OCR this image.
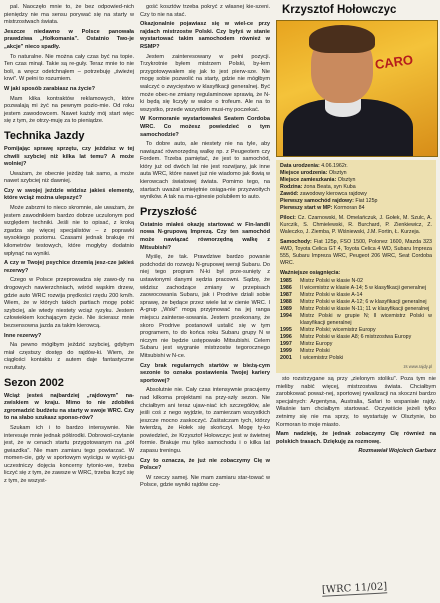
pal. Naoczęło mnie to, że bez odpowied-nich pieniędzy nie ma sensu porywać się na starty w mistrzostwach świata.

Jeszcze niedawno w Polsce panowała prawdziwa „Hołkomania". Ostatnio Two-je „akcje" nieco spadły.

To naturalne. Nie można cały czas być na topie. Ten czas minął. Takie są re-guły. Teraz mnie to nie boli, a wręcz odetchnąłem – potrzebuję „świeżej krwi". W pełni to rozumiem.

W jaki sposób zarabiasz na życie?

Mam klika kontraktów reklamowych, które pozwalają mi żyć na pewnym pozio-mie. Od roku jestem zawodowcem. Nawet każdy mój start więc się z tym, że otrzy-muję za to pieniądze.

Technika Jazdy

Pomijając sprawę sprzętu, czy jeździsz w tej chwili szybciej niż kilka lat temu? A może wolniej?

Uważam, że obecnie jeżdżę tak samo, a może nawet szybciej niż dawniej.

Czy w swojej jeździe widzisz jakieś elementy, które wciąż można ulepszyć?

Może zabrzmi to nieco skromnie, ale uważam, że jestem zawodnikiem bardzo dobrze uczulonym pod względem techniki. Jeśli nie to opisać, z kroką zgadza się więcej specjalistów – z poprawki wysokiego poziomu. Czasami jednak brakuje mi kilometrów testowych, które mogłyby dodatnio wpłynąć na wyniki.

A czy w Twojej psychice drzemią jesz-cze jakieś rezerwy?

Czego w Polsce przeprowadza się zawo-dy na drogowych nawierzchniach, wśród wąskim drzew, gdzie auto WRC rozwija prędkości rzędu 200 km/h. Wiem, że w których takich partiach mogę pobić szybciej, ale wtedy niestety wciąż ryzyku. Jestem człowiekiem kochającym życie. Nie ścierasz mnie bezsensowna jazda za takim kierowcą.

Inne rezerwy?

Na pewno mógłbym jeździć szybciej, gdybym miał częstszy dostęp do rajdów-ki. Wiem, że ciągłości kontaktu z autem daje fantastyczne rezultaty.

Sezon 2002

Wciąż jesteś najbardziej „rajdowym" na-zwiskiem w kraju. Mimo to nie zdobiłeś zgromadzić budżetu na starty w swoje WRC. Czy to na słabo szukasz sponso-rów?

Szukam ich i to bardzo intensywnie. Nie interesuje mnie jednak półśrodki. Dobrowol-czytanie jest, że w cenach startu przygotowanym na „pół gwiazdka". Nie mam zamiaru tego powtarzać. W momen-cie, gdy w sportowym wyścigu w wyści-gu uczestniczy dojęcia koncerny tytonio-we, trzeba liczyć się z tym, że zawsze w WRC, trzeba liczyć się z tym, że wszyst-

gość kosztów trzeba pokryć z własnej kie-szeni. Czy to nie na stać.

Okazjonalnie pojawiasz się w wiel-ce przy rajdach mistrzostw Polski. Czy byłyś w stanie wystartować takim samochodem również w RSMP?

Jestem zainteresowany w pełni pozycji. Trzykrotnie byłem mistrzem Polski, by-łem przygotowywałem się jak to jest pierw-sze. Nie mogę sobie pozwolić na starty, gdzie nie mógłbym walczyć o zwycięstwo w klasyfikacji generalnej. Być może obec-ne zmiany regulaminowe sprawią, że N-ki będą się liczyły w walce o trofeum. Ale na to wszystko, przede wszystkim musi-my poczekać.

W Kormoranie wystartowałeś Seatem Cordoba WRC. Co możesz powiedzieć o tym samochodzie?

To dobre auto, ale niestety nie na tyle, aby nawiązać równorzędną walkę np. z Peugeotem czy Fordem. Trzeba pamiętać, że jest to samochód, który już od dwóch lat nie jest rozwijany, jak inne auta WRC, które nawet już nie wiadomo jak tkwią w kierowcach światowej świata. Pomimo tego, na startach uważał umiejętnie osiąga-nie przyzwoitych wyników. A tak na ma-rginesie polubiłem to auto.

Przyszłość

Ostatnio miałeś okazję startować w Fin-landii nowa N-grupową Imprezą. Czy ten samochód może nawiązać równorzędną walkę z Mitsubishi?

Myślę, że tak. Prawdziwe bardzo powanie podchodzi do rozwoju N-grupowej wersji Subaru. Do niej tego program N-ki był prze-sunięty z ustawionymi danymi sędzia pracowni. Sądzę, że widzisz zachodzące zmiany w przepisach zaowocowania Subaru, jak i Prodrive dziali sobie sprawę, że będące przez wiele lat w cienie WRC. I A-grup „Wski" mogą przyjmować na jej ranga miejscu zainterse-sowania. Jestem przekonany, że skoro Prodrive postanowił ustalić się w tym programem, to do końca roku Subaru grupy N w niczym nie będzie ustępowało Mitsubishi. Celem Subaru jest wygranie mistrzostw tegorocznego Mitsubishi w N-ce.

Czy brak regularnych startów w bieżą-cym sezonie to oznaka postawienia Twojej kariery sportowej?

Absolutnie nie. Cały czas intensywnie pracujemy nad kilkoma projektami na przy-szły sezon. Nie chciałbym ani teraz ujaw-niać ich szczegółów, ale jeśli coś z nego wyjdzie, to zamierzam wszystkich jeszcze mocno zaskoczyć. Zaśtatczam tych, którzy twierdzą, że Hołek się skończył. Mogę ty-ko powiedzieć, że Krzysztof Hołowczyc jest w świetnej formie. Brakuje mu tylko samochodu i o kilka lat zapasu treningu.

Czy to oznacza, że już nie zobaczymy Cię w Polsce?

W rzeczy samej. Nie mam zamiaru star-tować w Polsce, gdzie wyniki rajdów czę-

Krzysztof Hołowczyc
CARO
Data urodzenia: 4.06.1962r.
Miejsce urodzenia: Olsztyn
Miejsce zamieszkania: Olsztyn
Rodzina: żona Beata, syn Kuba
Zawód: zawodowy kierowca rajdowy
Pierwszy samochód rajdowy: Fiat 125p
Pierwszy start w MP: Kormoran 84
Piloci: Cz. Czarnowski, M. Omelańczuk, J. Gołek, M. Szulc, A. Kurczik, S. Chmielewski, R. Burchard, P. Zienkiewicz, Z. Waleczko, J. Ziemba, P. Wiśniewski, J.M. Fortin, Ł. Kurzeja.
Samochody: Fiat 125p, FSO 1500, Polonez 1600, Mazda 323 4WD, Toyota Celica GT 4, Toyota Celica 4 WD, Subaru Impreza 555, Subaru Impreza WRC, Peugeot 206 WRC, Seat Cordoba WRC.
Ważniejsze osiągnięcia:
1985	Mistrz Polski w klasie N-02
1986	II wicemistrz w klasie A-14; 5 w klasyfikacji generalnej
1987	Mistrz Polski w klasie A-14
1988	Mistrz Polski w klasie A-12; 6 w klasyfikacji generalnej
1989	Mistrz Polski w klasie N-11; 11 w klasyfikacji generalnej
1994	Mistrz Polski w grupie N; II wicemistrz Polski w klasyfikacji generalnej
1995	Mistrz Polski; wicemistrz Europy
1996	Mistrz Polski w klasie A8; 6 mistrzostwa Europy
1997	Mistrz Europy
1999	Mistrz Polski
2001	I wicemistrz Polski
zs www.rajdy.pl

sto rozstrzygane są przy „zielonym stoliku". Poza tym nie mieliby nabić więcej, mistrzostwa świata. Chciałbym zarobkować poważ-nej, sportowej rywalizacji na skoczni bardzo specjalnych: Argentyna, Australia, Safari to wspaniałe rajdy. Właśnie tam chciałbym startować. Oczywiście jeżeli tylko zetnimy się nie ma sprzy, to wystartuję w Olsztynie, bo Kormoran to moje miasto.

Mam nadzieję, że jednak zobaczymy Cię również na polskich trasach. Dziękuję za rozmowę.

Rozmawiał Wojciech Garbarz
[WRC 11/02]
